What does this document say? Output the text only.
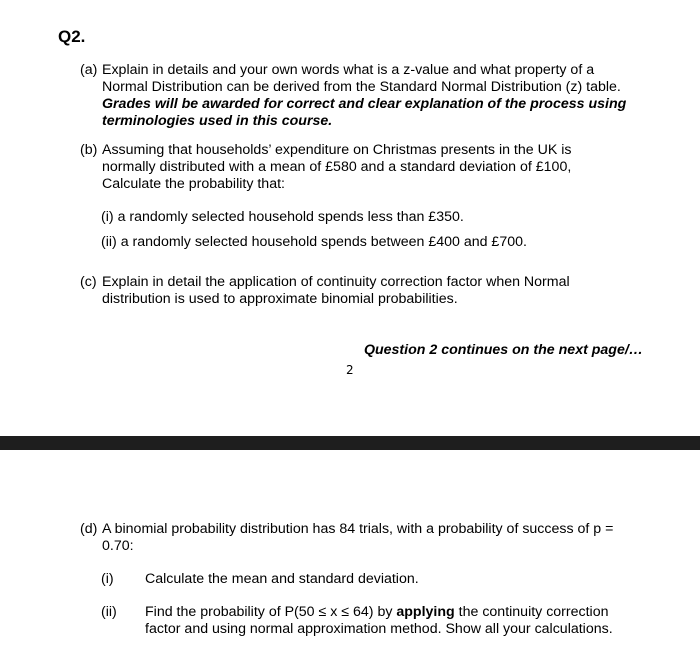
Q2.
(a) Explain in details and your own words what is a z-value and what property of a Normal Distribution can be derived from the Standard Normal Distribution (z) table. Grades will be awarded for correct and clear explanation of the process using terminologies used in this course.
(b) Assuming that households’ expenditure on Christmas presents in the UK is normally distributed with a mean of £580 and a standard deviation of £100, Calculate the probability that:
(i) a randomly selected household spends less than £350.
(ii) a randomly selected household spends between £400 and £700.
(c) Explain in detail the application of continuity correction factor when Normal distribution is used to approximate binomial probabilities.
Question 2 continues on the next page/…
2
(d) A binomial probability distribution has 84 trials, with a probability of success of p = 0.70:
(i) Calculate the mean and standard deviation.
(ii) Find the probability of P(50 ≤ x ≤ 64) by applying the continuity correction factor and using normal approximation method. Show all your calculations.
